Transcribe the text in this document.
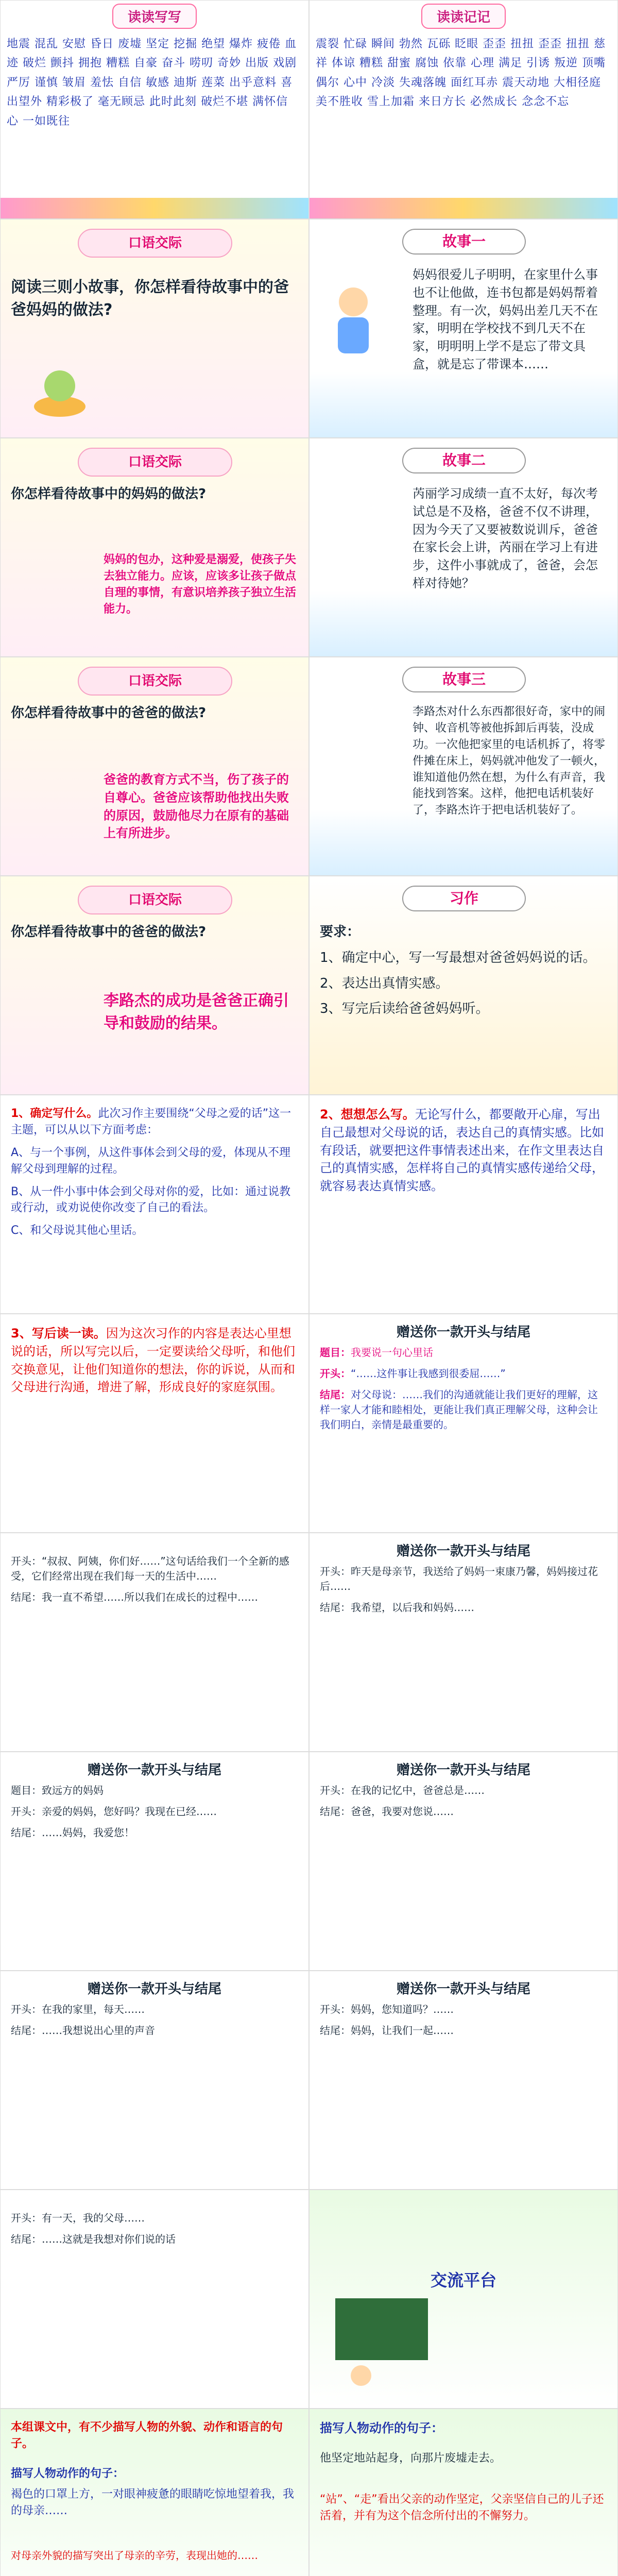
读读写写
地震 混乱 安慰 昏日 废墟 坚定 挖掘 绝望 爆炸 疲倦 血迹 破烂 颤抖 拥抱 糟糕 自豪 奋斗 唠叨 奇妙 出版 戏剧严厉 谨慎 皱眉 羞怯 自信 敏感 迪斯 莲菜 出乎意料 喜出望外 精彩极了 毫无顾忌 此时此刻 破烂不堪 满怀信心 一如既往
读读记记
震裂 忙碌 瞬间 勃然 瓦砾 眨眼 歪歪 扭扭 歪歪 扭扭 慈祥 体谅 糟糕 甜蜜 腐蚀 依靠 心理 满足 引诱 叛逆 顶嘴偶尔 心中 冷淡 失魂落魄 面红耳赤 震天动地 大相径庭美不胜收 雪上加霜 来日方长 必然成长 念念不忘
口语交际
阅读三则小故事，你怎样看待故事中的爸爸妈妈的做法?
故事一
妈妈很爱儿子明明，在家里什么事也不让他做，连书包都是妈妈帮着整理。有一次，妈妈出差几天不在家，明明在学校找不到几天不在家，明明明上学不是忘了带文具盒，就是忘了带课本……
口语交际
你怎样看待故事中的妈妈的做法?
妈妈的包办，这种爱是溺爱，使孩子失去独立能力。应该，应该多让孩子做点自理的事情，有意识培养孩子独立生活能力。
故事二
芮丽学习成绩一直不太好，每次考试总是不及格，爸爸不仅不讲理，因为今天了又要被数说训斥，爸爸在家长会上讲，芮丽在学习上有进步，这件小事就成了，爸爸，会怎样对待她？
口语交际
你怎样看待故事中的爸爸的做法?
爸爸的教育方式不当，伤了孩子的自尊心。爸爸应该帮助他找出失败的原因，鼓励他尽力在原有的基础上有所进步。
故事三
李路杰对什么东西都很好奇，家中的闹钟、收音机等被他拆卸后再装，没成功。一次他把家里的电话机拆了，将零件摊在床上，妈妈就冲他发了一顿火，谁知道他仍然在想，为什么有声音，我能找到答案。这样，他把电话机装好了，李路杰许于把电话机装好了。
口语交际
你怎样看待故事中的爸爸的做法?
李路杰的成功是爸爸正确引导和鼓励的结果。
习作
要求：
1、确定中心，写一写最想对爸爸妈妈说的话。
2、表达出真情实感。
3、写完后读给爸爸妈妈听。
1、确定写什么。此次习作主要围绕“父母之爱的话”这一主题，可以从以下方面考虑：
A、与一个事例，从这件事体会到父母的爱，体现从不理解父母到理解的过程。
B、从一件小事中体会到父母对你的爱，比如：通过说教或行动，或劝说使你改变了自己的看法。
C、和父母说其他心里话。
2、想想怎么写。无论写什么，都要敞开心扉，写出自己最想对父母说的话，表达自己的真情实感。比如有段话，就要把这件事情表述出来，在作文里表达自己的真情实感，怎样将自己的真情实感传递给父母，就容易表达真情实感。
3、写后读一读。因为这次习作的内容是表达心里想说的话，所以写完以后，一定要读给父母听，和他们交换意见，让他们知道你的想法，你的诉说，从而和父母进行沟通，增进了解，形成良好的家庭氛围。
赠送你一款开头与结尾
题目：我要说一句心里话
开头：“……这件事让我感到很委屈……”
结尾：对父母说：……我们的沟通就能让我们更好的理解，这样一家人才能和睦相处，更能让我们真正理解父母，这种会让我们明白，亲情是最重要的。
开头：“叔叔、阿姨，你们好……”这句话给我们一个全新的感受，它们经常出现在我们每一天的生活中……
结尾：我一直不希望……所以我们在成长的过程中……
赠送你一款开头与结尾
开头：昨天是母亲节，我送给了妈妈一束康乃馨，妈妈接过花后……
结尾：我希望，以后我和妈妈……
赠送你一款开头与结尾
题目：致远方的妈妈
开头：亲爱的妈妈，您好吗？我现在已经……
结尾：……妈妈，我爱您！
赠送你一款开头与结尾
开头：在我的记忆中，爸爸总是……
结尾：爸爸，我要对您说……
赠送你一款开头与结尾
开头：在我的家里，每天……
结尾：……我想说出心里的声音
赠送你一款开头与结尾
开头：妈妈，您知道吗？……
结尾：妈妈，让我们一起……
开头：有一天，我的父母……
结尾：……这就是我想对你们说的话
交流平台
本组课文中，有不少描写人物的外貌、动作和语言的句子。
描写人物动作的句子：
褐色的口罩上方，一对眼神疲惫的眼睛吃惊地望着我，我的母亲……
对母亲外貌的描写突出了母亲的辛劳，表现出她的……
描写人物动作的句子：
他坚定地站起身，向那片废墟走去。
“站”、“走”看出父亲的动作坚定，父亲坚信自己的儿子还活着，并有为这个信念所付出的不懈努力。
